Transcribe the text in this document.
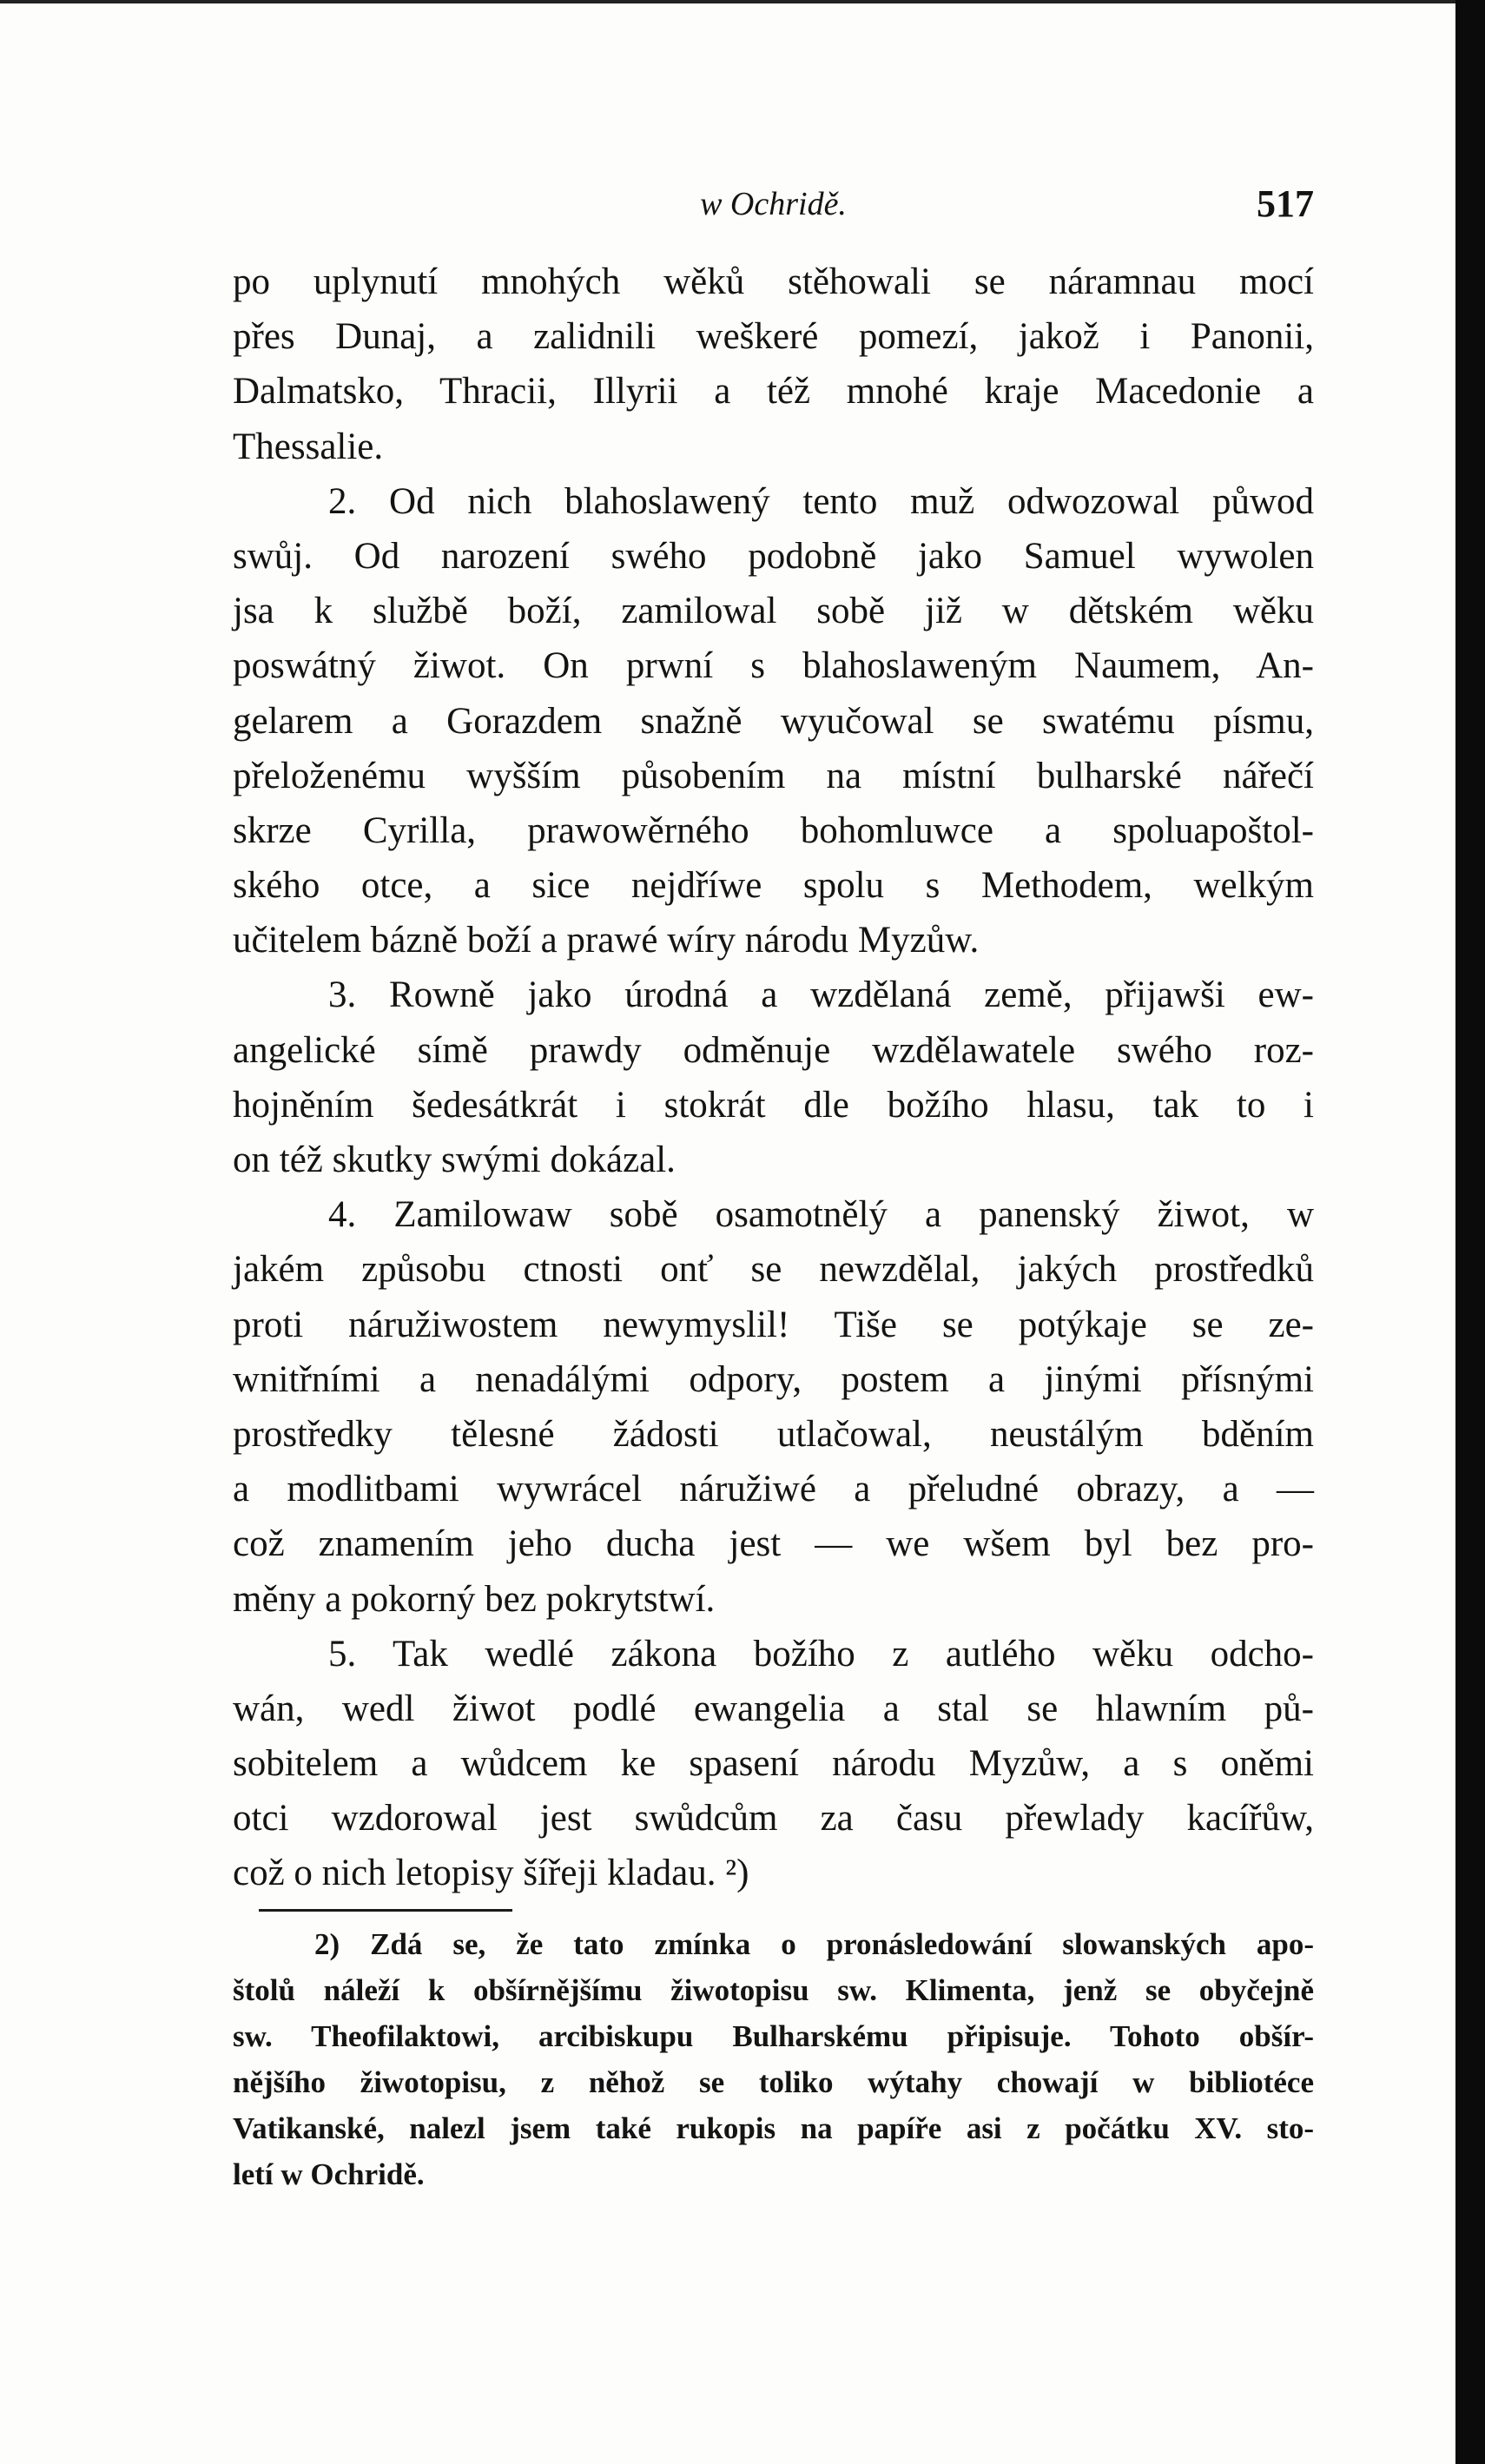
w Ochridě.	517
po uplynutí mnohých wěků stěhowali se náramnau mocí
přes Dunaj, a zalidnili weškeré pomezí, jakož i Panonii,
Dalmatsko, Thracii, Illyrii a též mnohé kraje Macedonie a
Thessalie.
2. Od nich blahoslawený tento muž odwozowal půwod
swůj. Od narození swého podobně jako Samuel wywolen
jsa k službě boží, zamilowal sobě již w dětském wěku
poswátný žiwot. On prwní s blahoslaweným Naumem, An-
gelarem a Gorazdem snažně wyučowal se swatému písmu,
přeloženému wyšším působením na místní bulharské nářečí
skrze Cyrilla, prawowěrného bohomluwce a spoluapoštol-
ského otce, a sice nejdříwe spolu s Methodem, welkým
učitelem bázně boží a prawé wíry národu Myzůw.
3. Rowně jako úrodná a wzdělaná země, přijawši ew-
angelické símě prawdy odměnuje wzdělawatele swého roz-
hojněním šedesátkrát i stokrát dle božího hlasu, tak to i
on též skutky swými dokázal.
4. Zamilowaw sobě osamotnělý a panenský žiwot, w
jakém způsobu ctnosti onť se newzdělal, jakých prostředků
proti náružiwostem newymyslil! Tiše se potýkaje se ze-
wnitřními a nenadálými odpory, postem a jinými přísnými
prostředky tělesné žádosti utlačowal, neustálým bděním
a modlitbami wywrácel náružiwé a přeludné obrazy, a —
což znamením jeho ducha jest — we wšem byl bez pro-
měny a pokorný bez pokrytstwí.
5. Tak wedlé zákona božího z autlého wěku odcho-
wán, wedl žiwot podlé ewangelia a stal se hlawním pů-
sobitelem a wůdcem ke spasení národu Myzůw, a s oněmi
otci wzdorowal jest swůdcům za času přewlady kacířůw,
což o nich letopisy šířeji kladau. ²)
2) Zdá se, že tato zmínka o pronásledowání slowanských apo-
štolů náleží k obšírnějšímu žiwotopisu sw. Klimenta, jenž se obyčejně
sw. Theofilaktowi, arcibiskupu Bulharskému připisuje. Tohoto obšír-
nějšího žiwotopisu, z něhož se toliko wýtahy chowají w bibliotéce
Vatikanské, nalezl jsem také rukopis na papíře asi z počátku XV. sto-
letí w Ochridě.
